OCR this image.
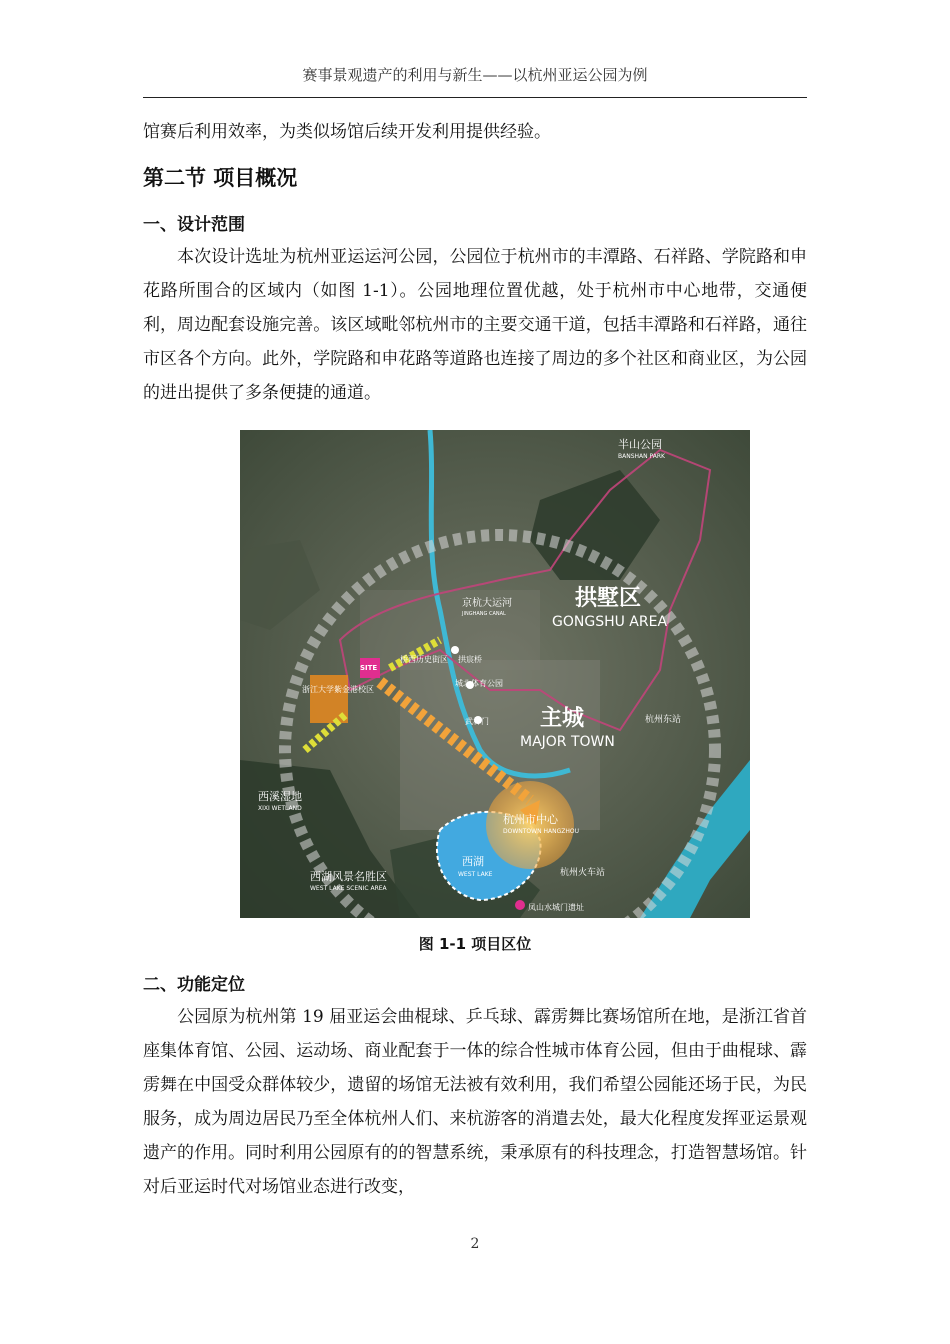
赛事景观遗产的利用与新生——以杭州亚运公园为例

馆赛后利用效率，为类似场馆后续开发利用提供经验。

第二节 项目概况
一、设计范围

　　本次设计选址为杭州亚运运河公园，公园位于杭州市的丰潭路、石祥路、学院路和申花路所围合的区域内（如图 1-1）。公园地理位置优越，处于杭州市中心地带，交通便利，周边配套设施完善。该区域毗邻杭州市的主要交通干道，包括丰潭路和石祥路，通往市区各个方向。此外，学院路和申花路等道路也连接了周边的多个社区和商业区，为公园的进出提供了多条便捷的通道。

半山公园
BANSHAN PARK
拱墅区
GONGSHU AREA
京杭大运河
JINGHANG CANAL
桥西历史街区 拱宸桥
SITE
浙江大学紫金港校区
城北体育公园
武林门 主城
MAJOR TOWN
杭州东站
西溪湿地
XIXI WETLAND
杭州市中心
DOWNTOWN HANGZHOU
西湖
WEST LAKE
西湖风景名胜区
WEST LAKE SCENIC AREA
杭州火车站
凤山水城门遗址
图 1-1 项目区位
二、功能定位

　　公园原为杭州第 19 届亚运会曲棍球、乒乓球、霹雳舞比赛场馆所在地，是浙江省首座集体育馆、公园、运动场、商业配套于一体的综合性城市体育公园，但由于曲棍球、霹雳舞在中国受众群体较少，遗留的场馆无法被有效利用，我们希望公园能还场于民，为民服务，成为周边居民乃至全体杭州人们、来杭游客的消遣去处，最大化程度发挥亚运景观遗产的作用。同时利用公园原有的的智慧系统，秉承原有的科技理念，打造智慧场馆。针对后亚运时代对场馆业态进行改变，

2
